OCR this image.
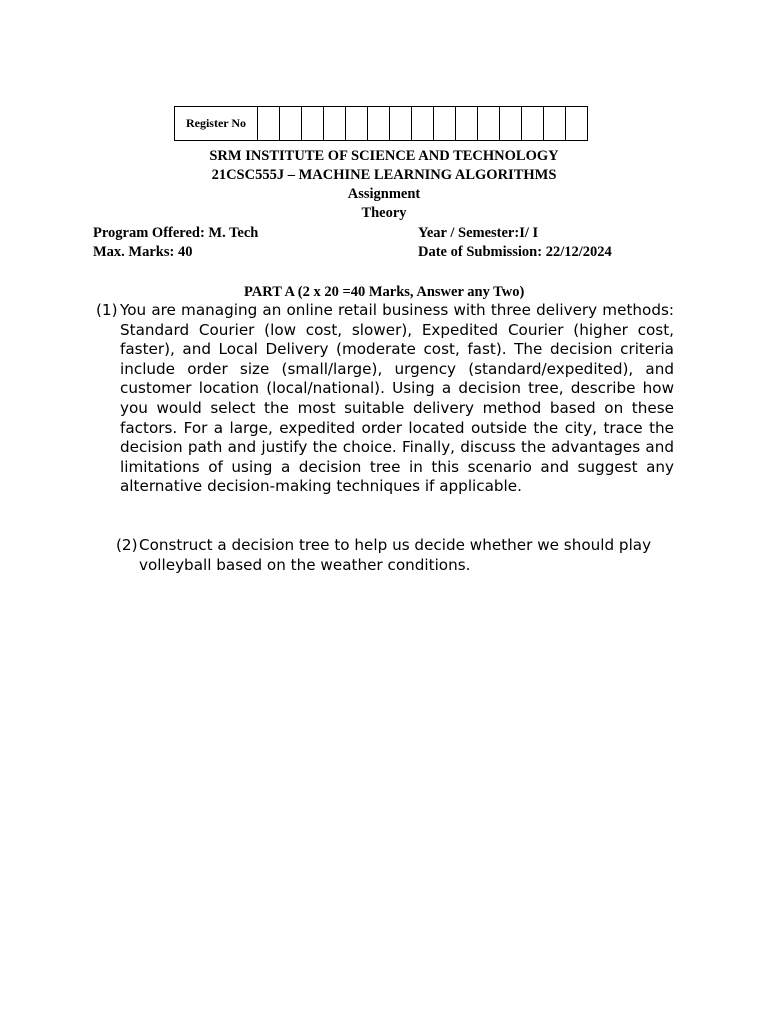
Register No															
SRM INSTITUTE OF SCIENCE AND TECHNOLOGY
21CSC555J – MACHINE LEARNING ALGORITHMS
Assignment
Theory
Program Offered: M. Tech
Max. Marks: 40
Year / Semester:I/ I
Date of Submission: 22/12/2024
PART A (2 x 20 =40 Marks, Answer any Two)
(1) You are managing an online retail business with three delivery methods: Standard Courier (low cost, slower), Expedited Courier (higher cost, faster), and Local Delivery (moderate cost, fast). The decision criteria include order size (small/large), urgency (standard/expedited), and customer location (local/national). Using a decision tree, describe how you would select the most suitable delivery method based on these factors. For a large, expedited order located outside the city, trace the decision path and justify the choice. Finally, discuss the advantages and limitations of using a decision tree in this scenario and suggest any alternative decision-making techniques if applicable.
(2) Construct a decision tree to help us decide whether we should play volleyball based on the weather conditions.
